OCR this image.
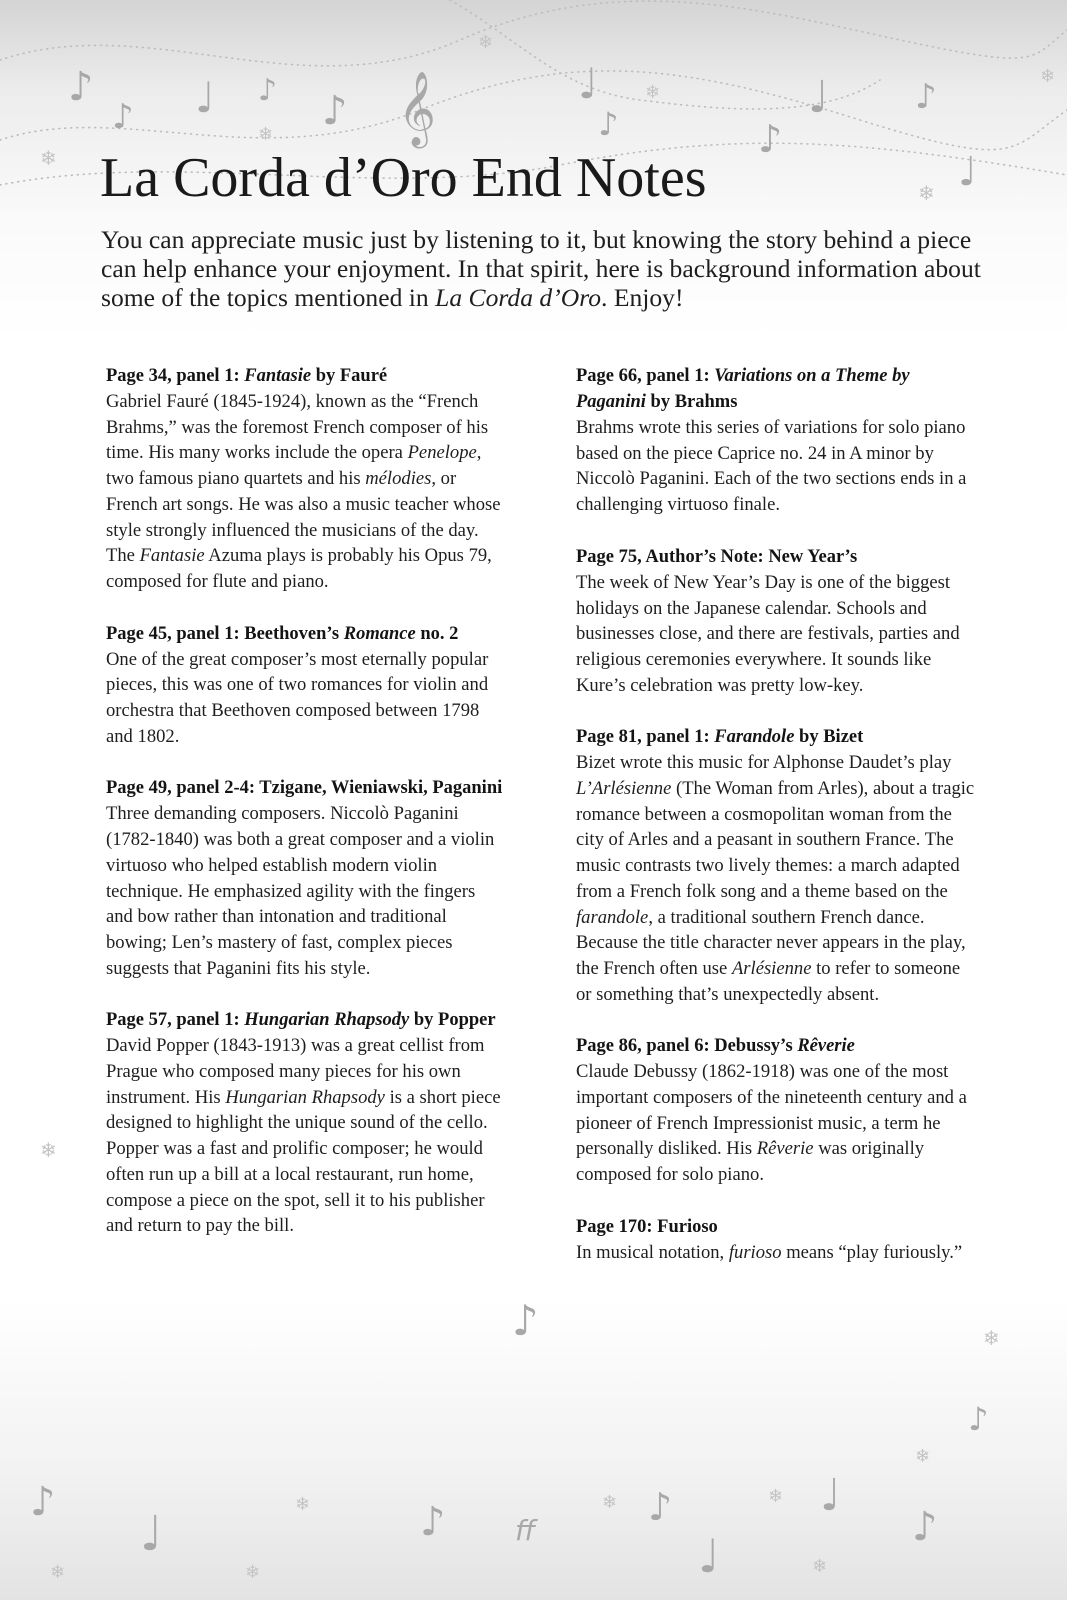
♪
♪ ♩ ♪ ♪ 𝄞	♩
♪	♪
♩	♪
♩
❄
❄
❄
❄
❄
❄
❄
♪	❄
♪
❄
♪
♩
❄
❄
❄
♪ ff
❄ ♪
♩
❄ ♩
♪
❄
La Corda d’Oro End Notes

You can appreciate music just by listening to it, but knowing the story behind a piece can help enhance your enjoyment. In that spirit, here is background information about some of the topics mentioned in La Corda d’Oro. Enjoy!

Page 34, panel 1: Fantasie by Fauré

Gabriel Fauré (1845-1924), known as the “French Brahms,” was the foremost French composer of his time. His many works include the opera Penelope, two famous piano quartets and his mélodies, or French art songs. He was also a music teacher whose style strongly influenced the musicians of the day. The Fantasie Azuma plays is probably his Opus 79, composed for flute and piano.

Page 45, panel 1: Beethoven’s Romance no. 2

One of the great composer’s most eternally popular pieces, this was one of two romances for violin and orchestra that Beethoven composed between 1798 and 1802.

Page 49, panel 2-4: Tzigane, Wieniawski, Paganini

Three demanding composers. Niccolò Paganini (1782-1840) was both a great composer and a violin virtuoso who helped establish modern violin technique. He emphasized agility with the fingers and bow rather than intonation and traditional bowing; Len’s mastery of fast, complex pieces suggests that Paganini fits his style.

Page 57, panel 1: Hungarian Rhapsody by Popper

David Popper (1843-1913) was a great cellist from Prague who composed many pieces for his own instrument. His Hungarian Rhapsody is a short piece designed to highlight the unique sound of the cello. Popper was a fast and prolific composer; he would often run up a bill at a local restaurant, run home, compose a piece on the spot, sell it to his publisher and return to pay the bill.

Page 66, panel 1: Variations on a Theme by Paganini by Brahms

Brahms wrote this series of variations for solo piano based on the piece Caprice no. 24 in A minor by Niccolò Paganini. Each of the two sections ends in a challenging virtuoso finale.

Page 75, Author’s Note: New Year’s

The week of New Year’s Day is one of the biggest holidays on the Japanese calendar. Schools and businesses close, and there are festivals, parties and religious ceremonies everywhere. It sounds like Kure’s celebration was pretty low-key.

Page 81, panel 1: Farandole by Bizet

Bizet wrote this music for Alphonse Daudet’s play L’Arlésienne (The Woman from Arles), about a tragic romance between a cosmopolitan woman from the city of Arles and a peasant in southern France. The music contrasts two lively themes: a march adapted from a French folk song and a theme based on the farandole, a traditional southern French dance. Because the title character never appears in the play, the French often use Arlésienne to refer to someone or something that’s unexpectedly absent.

Page 86, panel 6: Debussy’s Rêverie

Claude Debussy (1862-1918) was one of the most important composers of the nineteenth century and a pioneer of French Impressionist music, a term he personally disliked. His Rêverie was originally composed for solo piano.

Page 170: Furioso

In musical notation, furioso means “play furiously.”
